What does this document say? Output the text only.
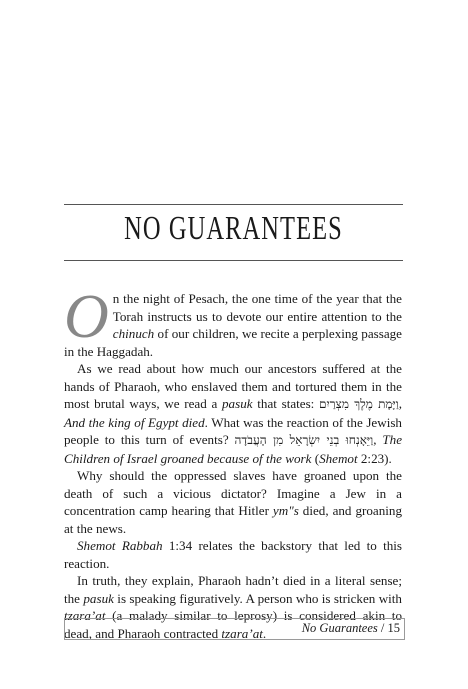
NO GUARANTEES

On the night of Pesach, the one time of the year that the Torah instructs us to devote our entire attention to the chinuch of our children, we recite a perplexing passage in the Haggadah.

As we read about how much our ancestors suffered at the hands of Pharaoh, who enslaved them and tortured them in the most brutal ways, we read a pasuk that states: וַיָּמָת מֶלֶךְ מִצְרַיִם, And the king of Egypt died. What was the reaction of the Jewish people to this turn of events? וַיֵּאָנְחוּ בְנֵי יִשְׂרָאֵל מִן הָעֲבֹדָה, The Children of Israel groaned because of the work (Shemot 2:23).

Why should the oppressed slaves have groaned upon the death of such a vicious dictator? Imagine a Jew in a concentration camp hearing that Hitler ym"s died, and groaning at the news.

Shemot Rabbah 1:34 relates the backstory that led to this reaction.

In truth, they explain, Pharaoh hadn’t died in a literal sense; the pasuk is speaking figuratively. A person who is stricken with tzara’at (a malady similar to leprosy) is considered akin to dead, and Pharaoh contracted tzara’at.	No Guarantees / 15
